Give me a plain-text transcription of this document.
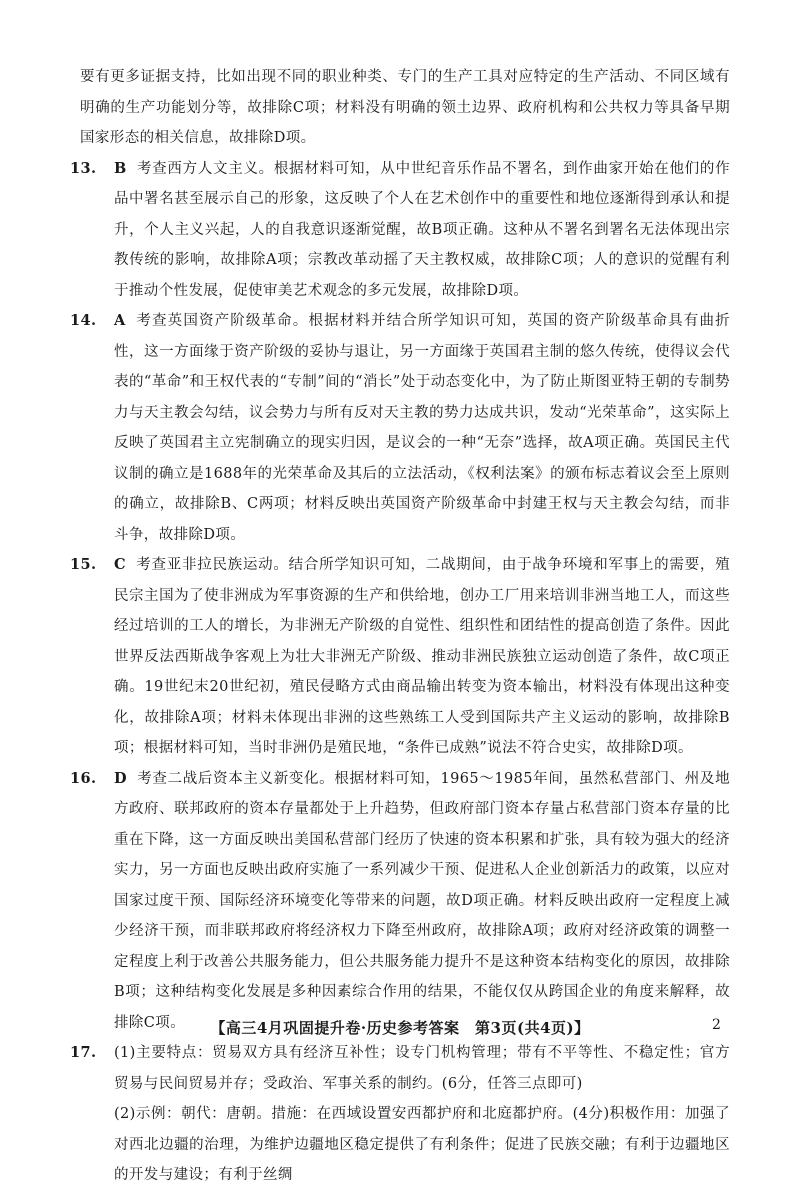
要有更多证据支持，比如出现不同的职业种类、专门的生产工具对应特定的生产活动、不同区域有明确的生产功能划分等，故排除C项；材料没有明确的领土边界、政府机构和公共权力等具备早期国家形态的相关信息，故排除D项。

13. B 考查西方人文主义。根据材料可知，从中世纪音乐作品不署名，到作曲家开始在他们的作品中署名甚至展示自己的形象，这反映了个人在艺术创作中的重要性和地位逐渐得到承认和提升，个人主义兴起，人的自我意识逐渐觉醒，故B项正确。这种从不署名到署名无法体现出宗教传统的影响，故排除A项；宗教改革动摇了天主教权威，故排除C项；人的意识的觉醒有利于推动个性发展，促使审美艺术观念的多元发展，故排除D项。
14. A 考查英国资产阶级革命。根据材料并结合所学知识可知，英国的资产阶级革命具有曲折性，这一方面缘于资产阶级的妥协与退让，另一方面缘于英国君主制的悠久传统，使得议会代表的“革命”和王权代表的“专制”间的“消长”处于动态变化中，为了防止斯图亚特王朝的专制势力与天主教会勾结，议会势力与所有反对天主教的势力达成共识，发动“光荣革命”，这实际上反映了英国君主立宪制确立的现实归因，是议会的一种“无奈”选择，故A项正确。英国民主代议制的确立是1688年的光荣革命及其后的立法活动，《权利法案》的颁布标志着议会至上原则的确立，故排除B、C两项；材料反映出英国资产阶级革命中封建王权与天主教会勾结，而非斗争，故排除D项。
15. C 考查亚非拉民族运动。结合所学知识可知，二战期间，由于战争环境和军事上的需要，殖民宗主国为了使非洲成为军事资源的生产和供给地，创办工厂用来培训非洲当地工人，而这些经过培训的工人的增长，为非洲无产阶级的自觉性、组织性和团结性的提高创造了条件。因此世界反法西斯战争客观上为壮大非洲无产阶级、推动非洲民族独立运动创造了条件，故C项正确。19世纪末20世纪初，殖民侵略方式由商品输出转变为资本输出，材料没有体现出这种变化，故排除A项；材料未体现出非洲的这些熟练工人受到国际共产主义运动的影响，故排除B项；根据材料可知，当时非洲仍是殖民地，“条件已成熟”说法不符合史实，故排除D项。
16. D 考查二战后资本主义新变化。根据材料可知，1965～1985年间，虽然私营部门、州及地方政府、联邦政府的资本存量都处于上升趋势，但政府部门资本存量占私营部门资本存量的比重在下降，这一方面反映出美国私营部门经历了快速的资本积累和扩张，具有较为强大的经济实力，另一方面也反映出政府实施了一系列减少干预、促进私人企业创新活力的政策，以应对国家过度干预、国际经济环境变化等带来的问题，故D项正确。材料反映出政府一定程度上减少经济干预，而非联邦政府将经济权力下降至州政府，故排除A项；政府对经济政策的调整一定程度上利于改善公共服务能力，但公共服务能力提升不是这种资本结构变化的原因，故排除B项；这种结构变化发展是多种因素综合作用的结果，不能仅仅从跨国企业的角度来解释，故排除C项。
17. (1)主要特点：贸易双方具有经济互补性；设专门机构管理；带有不平等性、不稳定性；官方贸易与民间贸易并存；受政治、军事关系的制约。(6分，任答三点即可)

(2)示例：朝代：唐朝。措施：在西域设置安西都护府和北庭都护府。(4分)积极作用：加强了对西北边疆的治理，为维护边疆地区稳定提供了有利条件；促进了民族交融；有利于边疆地区的开发与建设；有利于丝绸

【高三4月巩固提升卷·历史参考答案　第3页(共4页)】	2
